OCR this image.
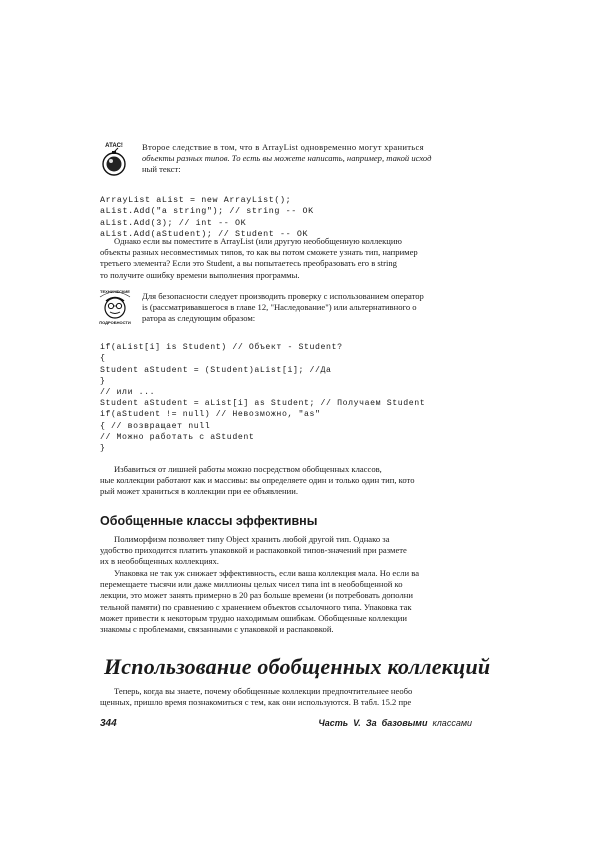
АТАС! Второе следствие в том, что в ArrayList одновременно могут храниться
объекты разных типов. То есть вы можете написать, например, такой исход
ный текст:

ArrayList aList = new ArrayList();
aList.Add("a string"); // string -- OK
aList.Add(3); // int -- OK
aList.Add(aStudent); // Student -- OK

Однако если вы поместите в ArrayList (или другую необобщенную коллекцию
объекты разных несовместимых типов, то как вы потом сможете узнать тип, например
третьего элемента? Если это Student, а вы попытаетесь преобразовать его в string
то получите ошибку времени выполнения программы.
ТЕХНИЧЕСКИЕ
ПОДРОБНОСТИ
Для безопасности следует производить проверку с использованием оператор
is (рассматривавшегося в главе 12, "Наследование") или альтернативного о
ратора as следующим образом:

if(aList[i] is Student) // Объект - Student?
{
Student aStudent = (Student)aList[i]; //Да
}
// или ...
Student aStudent = aList[i] as Student; // Получаем Student
if(aStudent != null) // Невозможно, "as"
{ // возвращает null
// Можно работать с aStudent
}

Избавиться от лишней работы можно посредством обобщенных классов,
ные коллекции работают как и массивы: вы определяете один и только один тип, кото
рый может храниться в коллекции при ее объявлении.
Обобщенные классы эффективны
Полиморфизм позволяет типу Object хранить любой другой тип. Однако за
удобство приходится платить упаковкой и распаковкой типов-значений при размете
их в необобщенных коллекциях.
Упаковка не так уж снижает эффективность, если ваша коллекция мала. Но если ва
перемещаете тысячи или даже миллионы целых чисел типа int в необобщенной ко
лекции, это может занять примерно в 20 раз больше времени (и потребовать дополни
тельной памяти) по сравнению с хранением объектов ссылочного типа. Упаковка так
может привести к некоторым трудно находимым ошибкам. Обобщенные коллекции
знакомы с проблемами, связанными с упаковкой и распаковкой.
Использование обобщенных коллекций
Теперь, когда вы знаете, почему обобщенные коллекции предпочтительнее необо
щенных, пришло время познакомиться с тем, как они используются. В табл. 15.2 пре
344	Часть V. За базовыми классами
